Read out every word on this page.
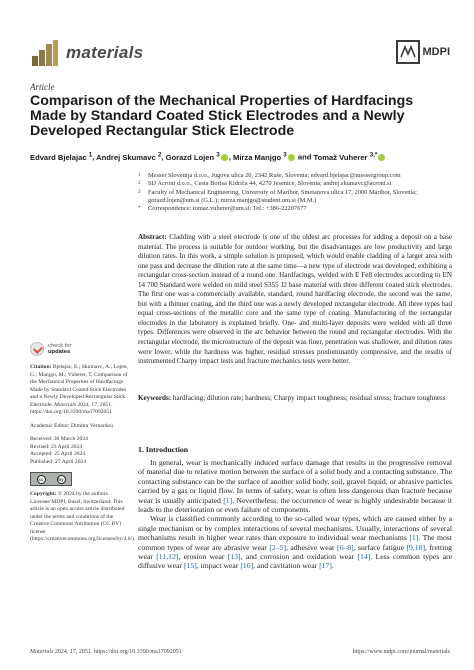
materials	MDPI
Article
Comparison of the Mechanical Properties of Hardfacings Made by Standard Coated Stick Electrodes and a Newly Developed Rectangular Stick Electrode
Edvard Bjelajac $^1$, Andrej Skumavc $^2$, Gorazd Lojen $^3$ , Mirza Manjgo $^3$ and Tomaž Vuherer $^{3,*}$
1	Messer Slovenija d.o.o., Jugova ulica 20, 2342 Ruše, Slovenia; edvard.bjelajac@messergroup.com
2	SIJ Acroni d.o.o., Cesta Borisa Kidriča 44, 4270 Jesenice, Slovenia; andrej.skumavc@acroni.si
3	Faculty of Mechanical Engineering, University of Maribor, Smetanova ulica 17, 2000 Maribor, Slovenia; gorazd.lojen@um.si (G.L.); mirza.manjgo@student.um.si (M.M.)
*	Correspondence: tomaz.vuherer@um.si; Tel.: +386-22207677
Abstract: Cladding with a steel electrode is one of the oldest arc processes for adding a deposit on a base material. The process is suitable for outdoor working, but the disadvantages are low productivity and large dilution rates. In this work, a simple solution is proposed, which would enable cladding of a larger area with one pass and decrease the dilution rate at the same time—a new type of electrode was developed, exhibiting a rectangular cross-section instead of a round one. Hardfacings, welded with E Fe8 electrodes according to EN 14 700 Standard were welded on mild steel S355 J2 base material with three different coated stick electrodes. The first one was a commercially available, standard, round hardfacing electrode, the second was the same, but with a thinner coating, and the third one was a newly developed rectangular electrode. All three types had equal cross-sections of the metallic core and the same type of coating. Manufacturing of the rectangular electrodes in the laboratory is explained briefly. One- and multi-layer deposits were welded with all three types. Differences were observed in the arc behavior between the round and rectangular electrodes. With the rectangular electrode, the microstructure of the deposit was finer, penetration was shallower, and dilution rates were lower, while the hardness was higher, residual stresses predominantly compressive, and the results of instrumented Charpy impact tests and fracture mechanics tests were better.
Keywords: hardfacing; dilution rate; hardness; Charpy impact toughness; residual stress; fracture toughness
check for
updates
Citation: Bjelajac, E.; Skumavc, A.; Lojen, G.; Manjgo, M.; Vuherer, T. Comparison of the Mechanical Properties of Hardfacings Made by Standard Coated Stick Electrodes and a Newly Developed Rectangular Stick Electrode. Materials 2024, 17, 2051. https://doi.org/10.3390/ma17092051
Academic Editor: Dimitra Vernardou
Received: 30 March 2024
Revised: 23 April 2024
Accepted: 25 April 2024
Published: 27 April 2024
cc	by
Copyright: © 2024 by the authors. Licensee MDPI, Basel, Switzerland. This article is an open access article distributed under the terms and conditions of the Creative Commons Attribution (CC BY) license (https://creativecommons.org/licenses/by/4.0/).
1. Introduction

In general, wear is mechanically induced surface damage that results in the progressive removal of material due to relative motion between the surface of a solid body and a contacting substance. The contacting substance can be the surface of another solid body, soil, gravel liquid, or abrasive particles carried by a gas or liquid flow. In terms of safety, wear is often less dangerous than fracture because wear is usually anticipated [1]. Nevertheless, the occurrence of wear is highly undesirable because it leads to the deterioration or even failure of components.

Wear is classified commonly according to the so-called wear types, which are caused either by a single mechanism or by complex interactions of several mechanisms. Usually, interactions of several mechanisms result in higher wear rates than exposure to individual wear mechanisms [1]. The most common types of wear are abrasive wear [2–5], adhesive wear [6–8], surface fatigue [9,10], fretting wear [11,12], erosion wear [13], and corrosion and oxidation wear [14]. Less common types are diffusive wear [15], impact wear [16], and cavitation wear [17].

Materials 2024, 17, 2051. https://doi.org/10.3390/ma17092051	https://www.mdpi.com/journal/materials
